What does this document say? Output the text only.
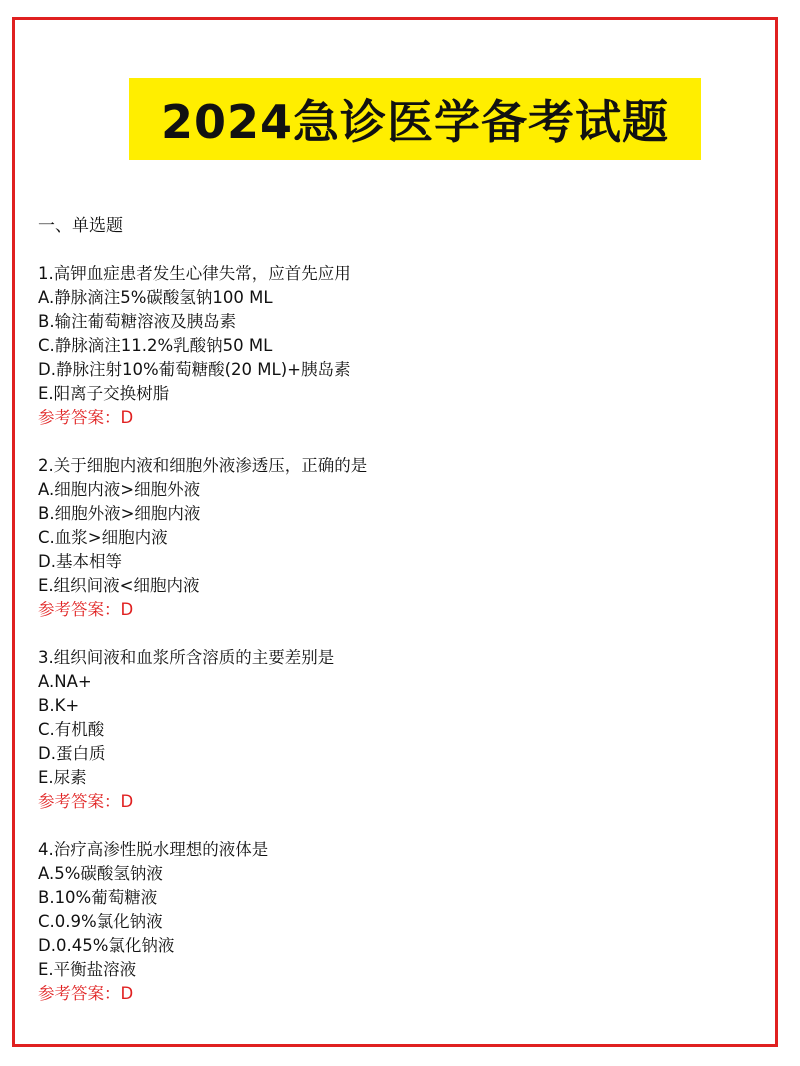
2024急诊医学备考试题
一、单选题
1.高钾血症患者发生心律失常，应首先应用
A.静脉滴注5%碳酸氢钠100 ML
B.输注葡萄糖溶液及胰岛素
C.静脉滴注11.2%乳酸钠50 ML
D.静脉注射10%葡萄糖酸(20 ML)+胰岛素
E.阳离子交换树脂
参考答案：D
2.关于细胞内液和细胞外液渗透压，正确的是
A.细胞内液>细胞外液
B.细胞外液>细胞内液
C.血浆>细胞内液
D.基本相等
E.组织间液<细胞内液
参考答案：D
3.组织间液和血浆所含溶质的主要差别是
A.NA+
B.K+
C.有机酸
D.蛋白质
E.尿素
参考答案：D
4.治疗高渗性脱水理想的液体是
A.5%碳酸氢钠液
B.10%葡萄糖液
C.0.9%氯化钠液
D.0.45%氯化钠液
E.平衡盐溶液
参考答案：D
